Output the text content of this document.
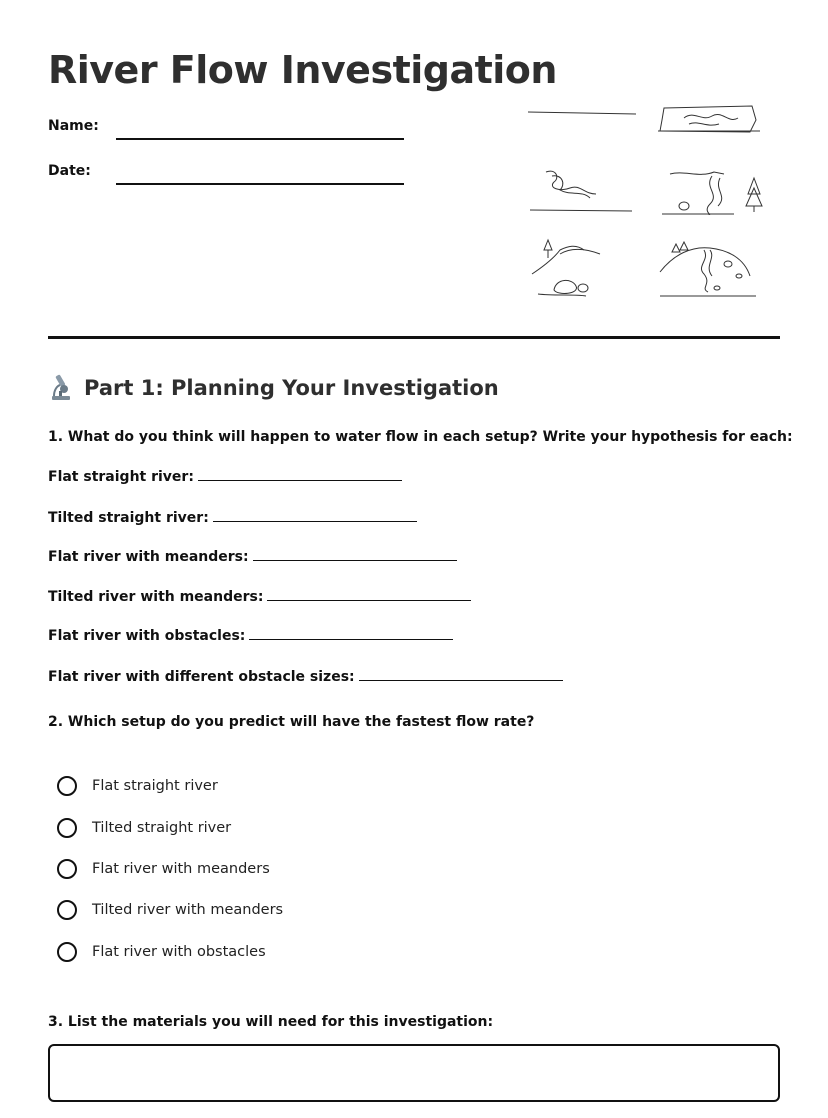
River Flow Investigation
Name:
Date:
Part 1: Planning Your Investigation

1. What do you think will happen to water flow in each setup? Write your hypothesis for each:

Flat straight river:
Tilted straight river:
Flat river with meanders:
Tilted river with meanders:
Flat river with obstacles:
Flat river with different obstacle sizes:

2. Which setup do you predict will have the fastest flow rate?

Flat straight river
Tilted straight river
Flat river with meanders
Tilted river with meanders
Flat river with obstacles

3. List the materials you will need for this investigation:
